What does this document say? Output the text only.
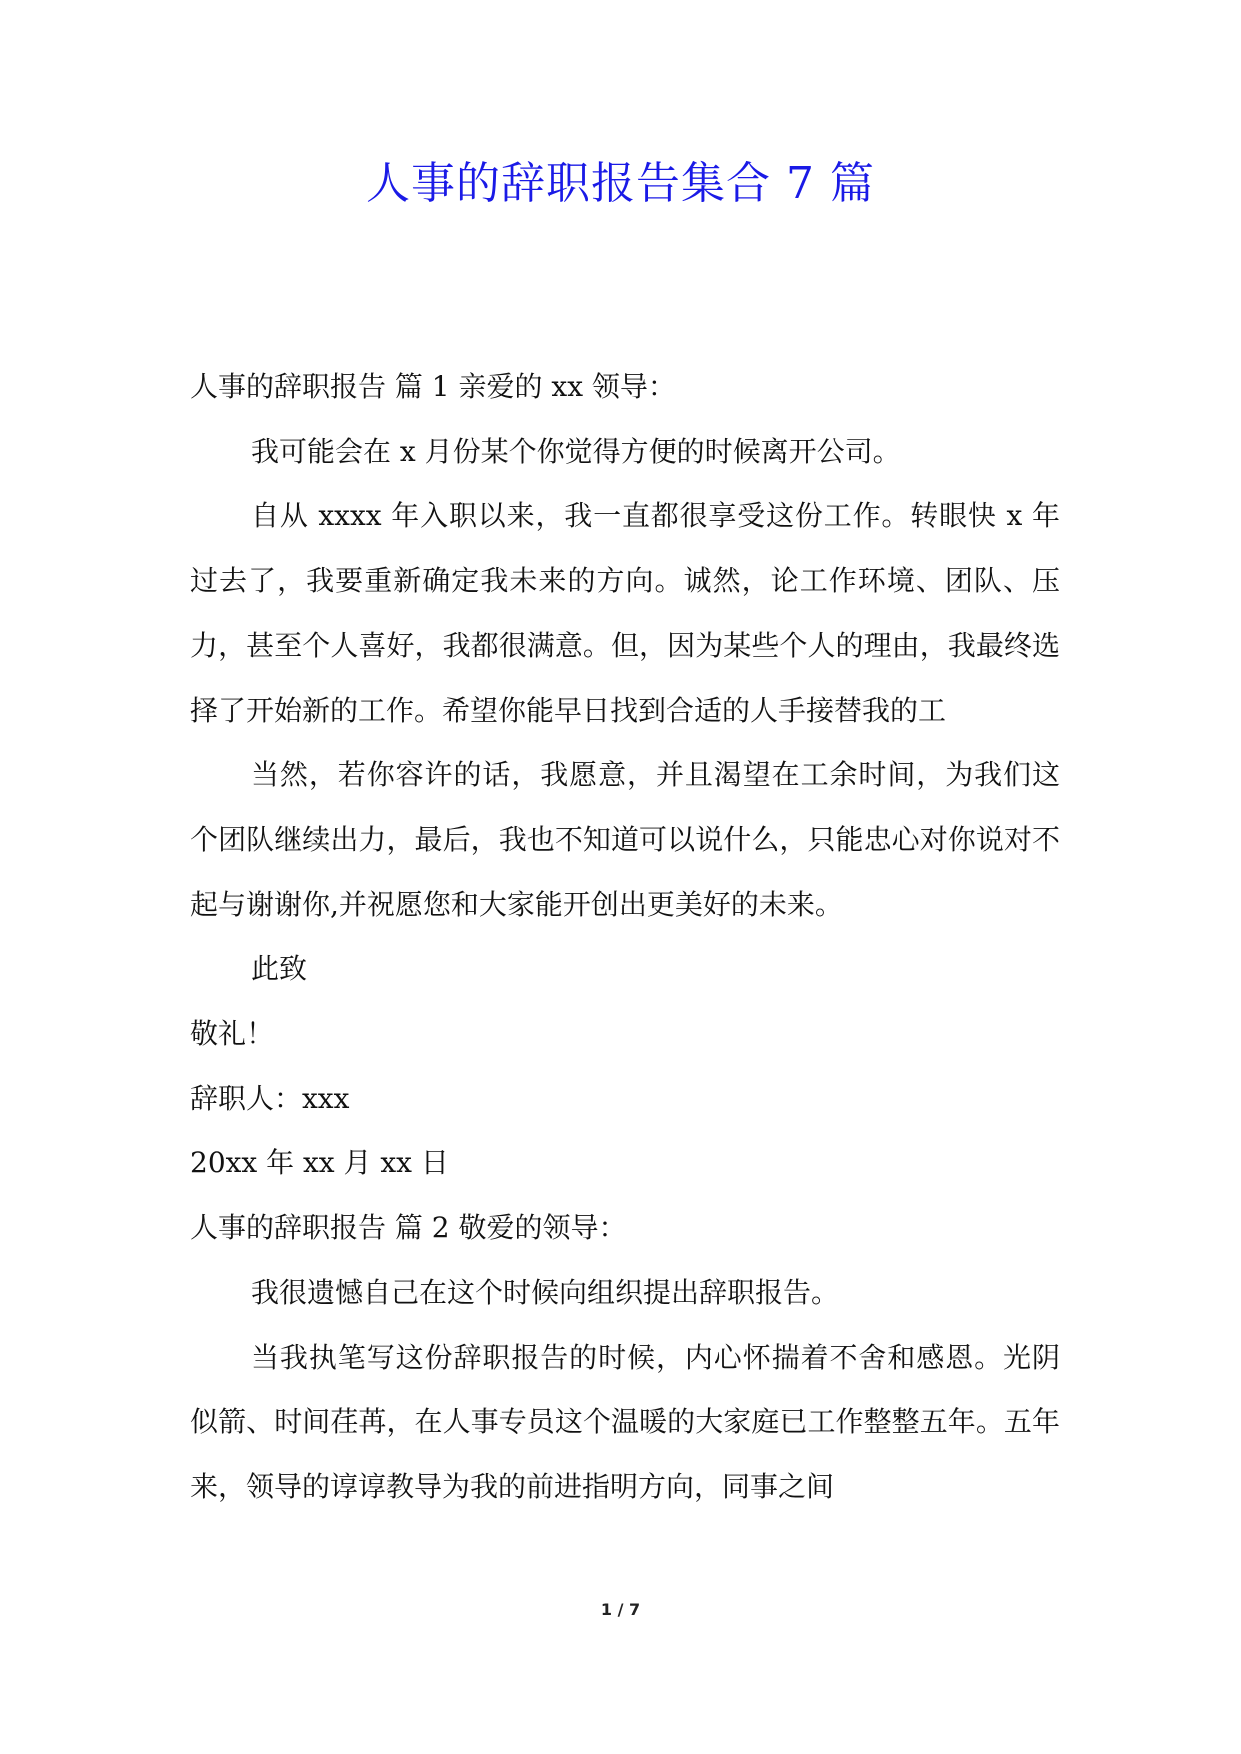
人事的辞职报告集合 7 篇

人事的辞职报告 篇 1 亲爱的 xx 领导：

我可能会在 x 月份某个你觉得方便的时候离开公司。

自从 xxxx 年入职以来，我一直都很享受这份工作。转眼快 x 年过去了，我要重新确定我未来的方向。诚然，论工作环境、团队、压力，甚至个人喜好，我都很满意。但，因为某些个人的理由，我最终选择了开始新的工作。希望你能早日找到合适的人手接替我的工

当然，若你容许的话，我愿意，并且渴望在工余时间，为我们这个团队继续出力，最后，我也不知道可以说什么，只能忠心对你说对不起与谢谢你,并祝愿您和大家能开创出更美好的未来。

此致

敬礼！

辞职人：xxx

20xx 年 xx 月 xx 日

人事的辞职报告 篇 2 敬爱的领导：

我很遗憾自己在这个时候向组织提出辞职报告。

当我执笔写这份辞职报告的时候，内心怀揣着不舍和感恩。光阴似箭、时间荏苒，在人事专员这个温暖的大家庭已工作整整五年。五年来，领导的谆谆教导为我的前进指明方向，同事之间

1 / 7
